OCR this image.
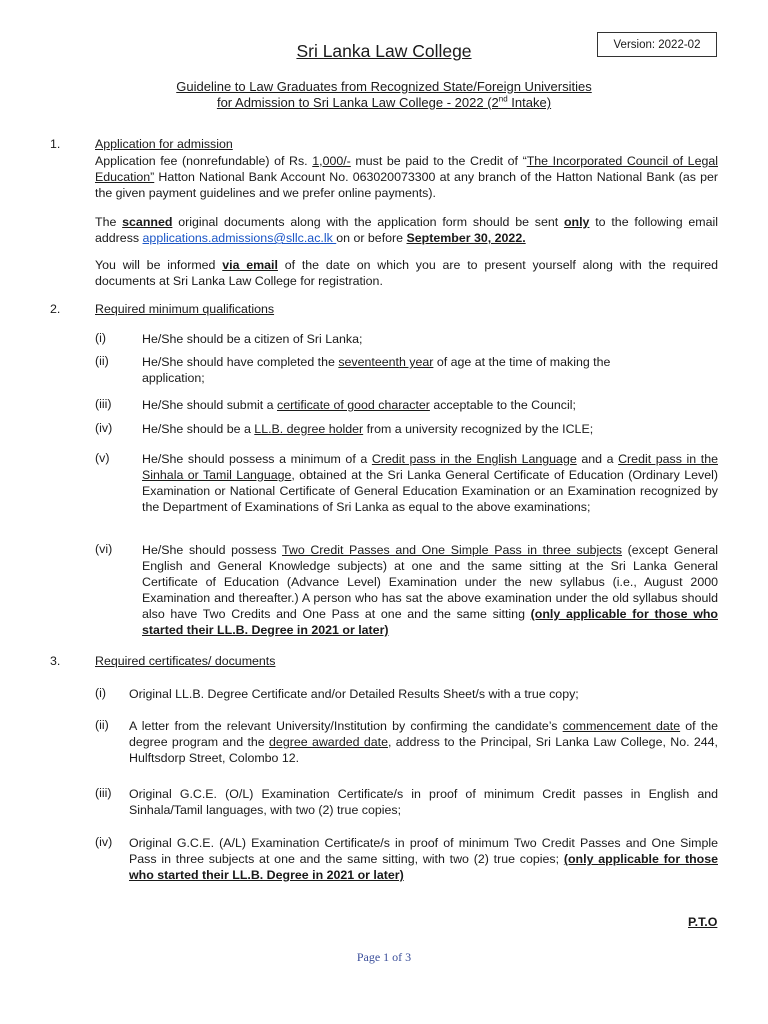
Version: 2022-02
Sri Lanka Law College
Guideline to Law Graduates from Recognized State/Foreign Universities
for Admission to Sri Lanka Law College - 2022 (2nd Intake)
1.	Application for admission
Application fee (nonrefundable) of Rs. 1,000/- must be paid to the Credit of “The Incorporated Council of Legal Education” Hatton National Bank Account No. 063020073300 at any branch of the Hatton National Bank (as per the given payment guidelines and we prefer online payments).
The scanned original documents along with the application form should be sent only to the following email address applications.admissions@sllc.ac.lk on or before September 30, 2022.
You will be informed via email of the date on which you are to present yourself along with the required documents at Sri Lanka Law College for registration.
2.	Required minimum qualifications
(i)	He/She should be a citizen of Sri Lanka;
(ii)	He/She should have completed the seventeenth year of age at the time of making the
application;
(iii) He/She should submit a certificate of good character acceptable to the Council;
(iv) He/She should be a LL.B. degree holder from a university recognized by the ICLE;
(v)	He/She should possess a minimum of a Credit pass in the English Language and a Credit pass in the Sinhala or Tamil Language, obtained at the Sri Lanka General Certificate of Education (Ordinary Level) Examination or National Certificate of General Education Examination or an Examination recognized by the Department of Examinations of Sri Lanka as equal to the above examinations;
(vi) He/She should possess Two Credit Passes and One Simple Pass in three subjects (except General English and General Knowledge subjects) at one and the same sitting at the Sri Lanka General Certificate of Education (Advance Level) Examination under the new syllabus (i.e., August 2000 Examination and thereafter.) A person who has sat the above examination under the old syllabus should also have Two Credits and One Pass at one and the same sitting (only applicable for those who started their LL.B. Degree in 2021 or later)
3.	Required certificates/ documents
(i) Original LL.B. Degree Certificate and/or Detailed Results Sheet/s with a true copy;
(ii) A letter from the relevant University/Institution by confirming the candidate’s commencement date of the degree program and the degree awarded date, address to the Principal, Sri Lanka Law College, No. 244, Hulftsdorp Street, Colombo 12.
(iii) Original G.C.E. (O/L) Examination Certificate/s in proof of minimum Credit passes in English and Sinhala/Tamil languages, with two (2) true copies;
(iv) Original G.C.E. (A/L) Examination Certificate/s in proof of minimum Two Credit Passes and One Simple Pass in three subjects at one and the same sitting, with two (2) true copies; (only applicable for those who started their LL.B. Degree in 2021 or later)
P.T.O
Page 1 of 3
